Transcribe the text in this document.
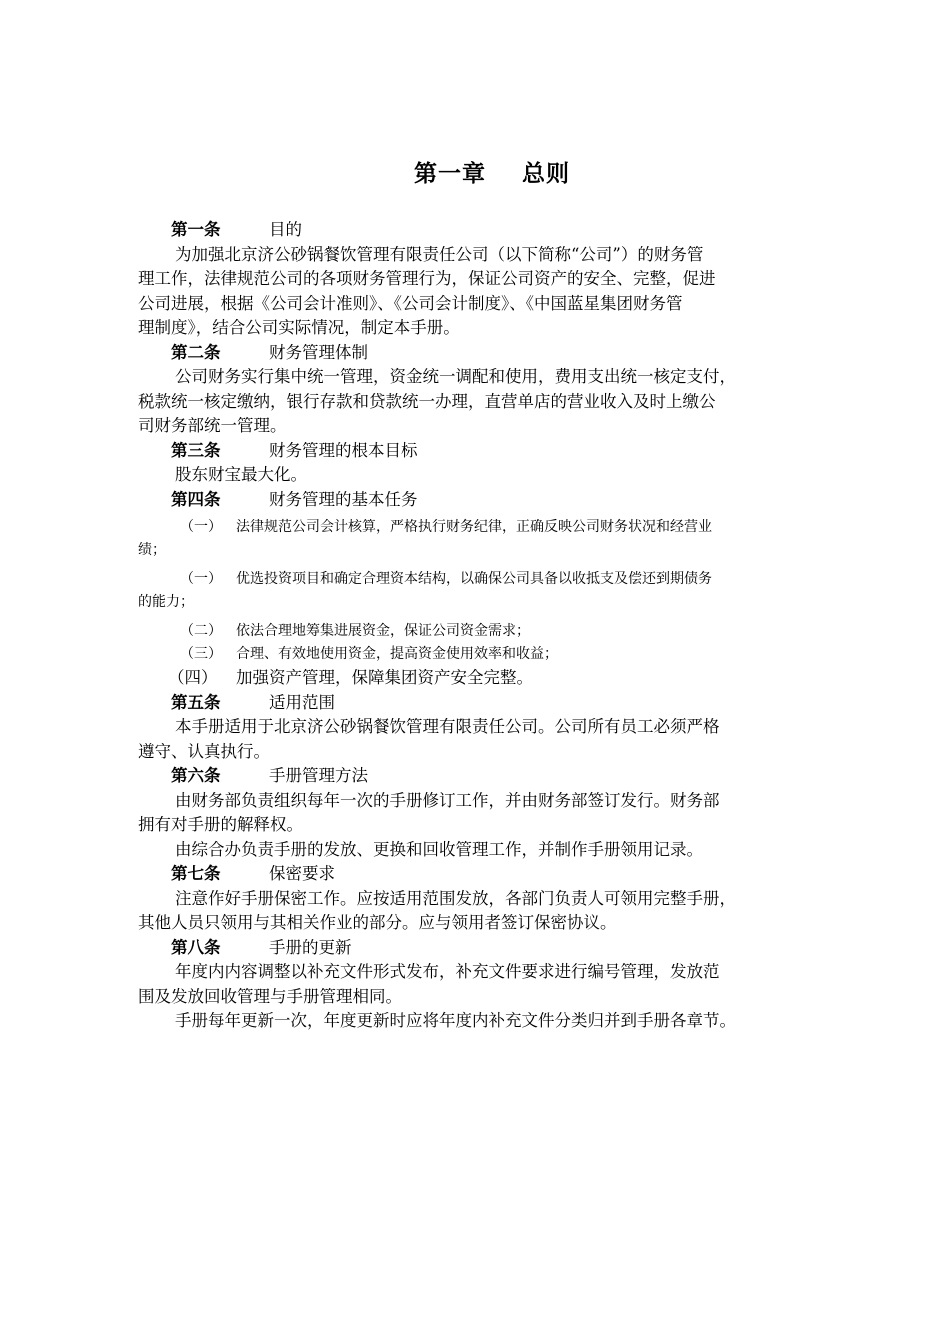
第一章    总则
第一条	目的
为加强北京济公砂锅餐饮管理有限责任公司（以下简称“公司”）的财务管
理工作，法律规范公司的各项财务管理行为，保证公司资产的安全、完整，促进
公司进展，根据《公司会计准则》、《公司会计制度》、《中国蓝星集团财务管
理制度》，结合公司实际情况，制定本手册。
第二条	财务管理体制
公司财务实行集中统一管理，资金统一调配和使用，费用支出统一核定支付，
税款统一核定缴纳，银行存款和贷款统一办理，直营单店的营业收入及时上缴公
司财务部统一管理。
第三条	财务管理的根本目标
股东财宝最大化。
第四条	财务管理的基本任务
（一） 法律规范公司会计核算，严格执行财务纪律，正确反映公司财务状况和经营业
绩；
（一） 优选投资项目和确定合理资本结构，以确保公司具备以收抵支及偿还到期债务
的能力；
（二） 依法合理地筹集进展资金，保证公司资金需求；
（三） 合理、有效地使用资金，提高资金使用效率和收益；
（四） 加强资产管理，保障集团资产安全完整。
第五条	适用范围
本手册适用于北京济公砂锅餐饮管理有限责任公司。公司所有员工必须严格
遵守、认真执行。
第六条	手册管理方法
由财务部负责组织每年一次的手册修订工作，并由财务部签订发行。财务部
拥有对手册的解释权。
由综合办负责手册的发放、更换和回收管理工作，并制作手册领用记录。
第七条	保密要求
注意作好手册保密工作。应按适用范围发放，各部门负责人可领用完整手册，
其他人员只领用与其相关作业的部分。应与领用者签订保密协议。
第八条	手册的更新
年度内内容调整以补充文件形式发布，补充文件要求进行编号管理，发放范
围及发放回收管理与手册管理相同。
手册每年更新一次，年度更新时应将年度内补充文件分类归并到手册各章节。
